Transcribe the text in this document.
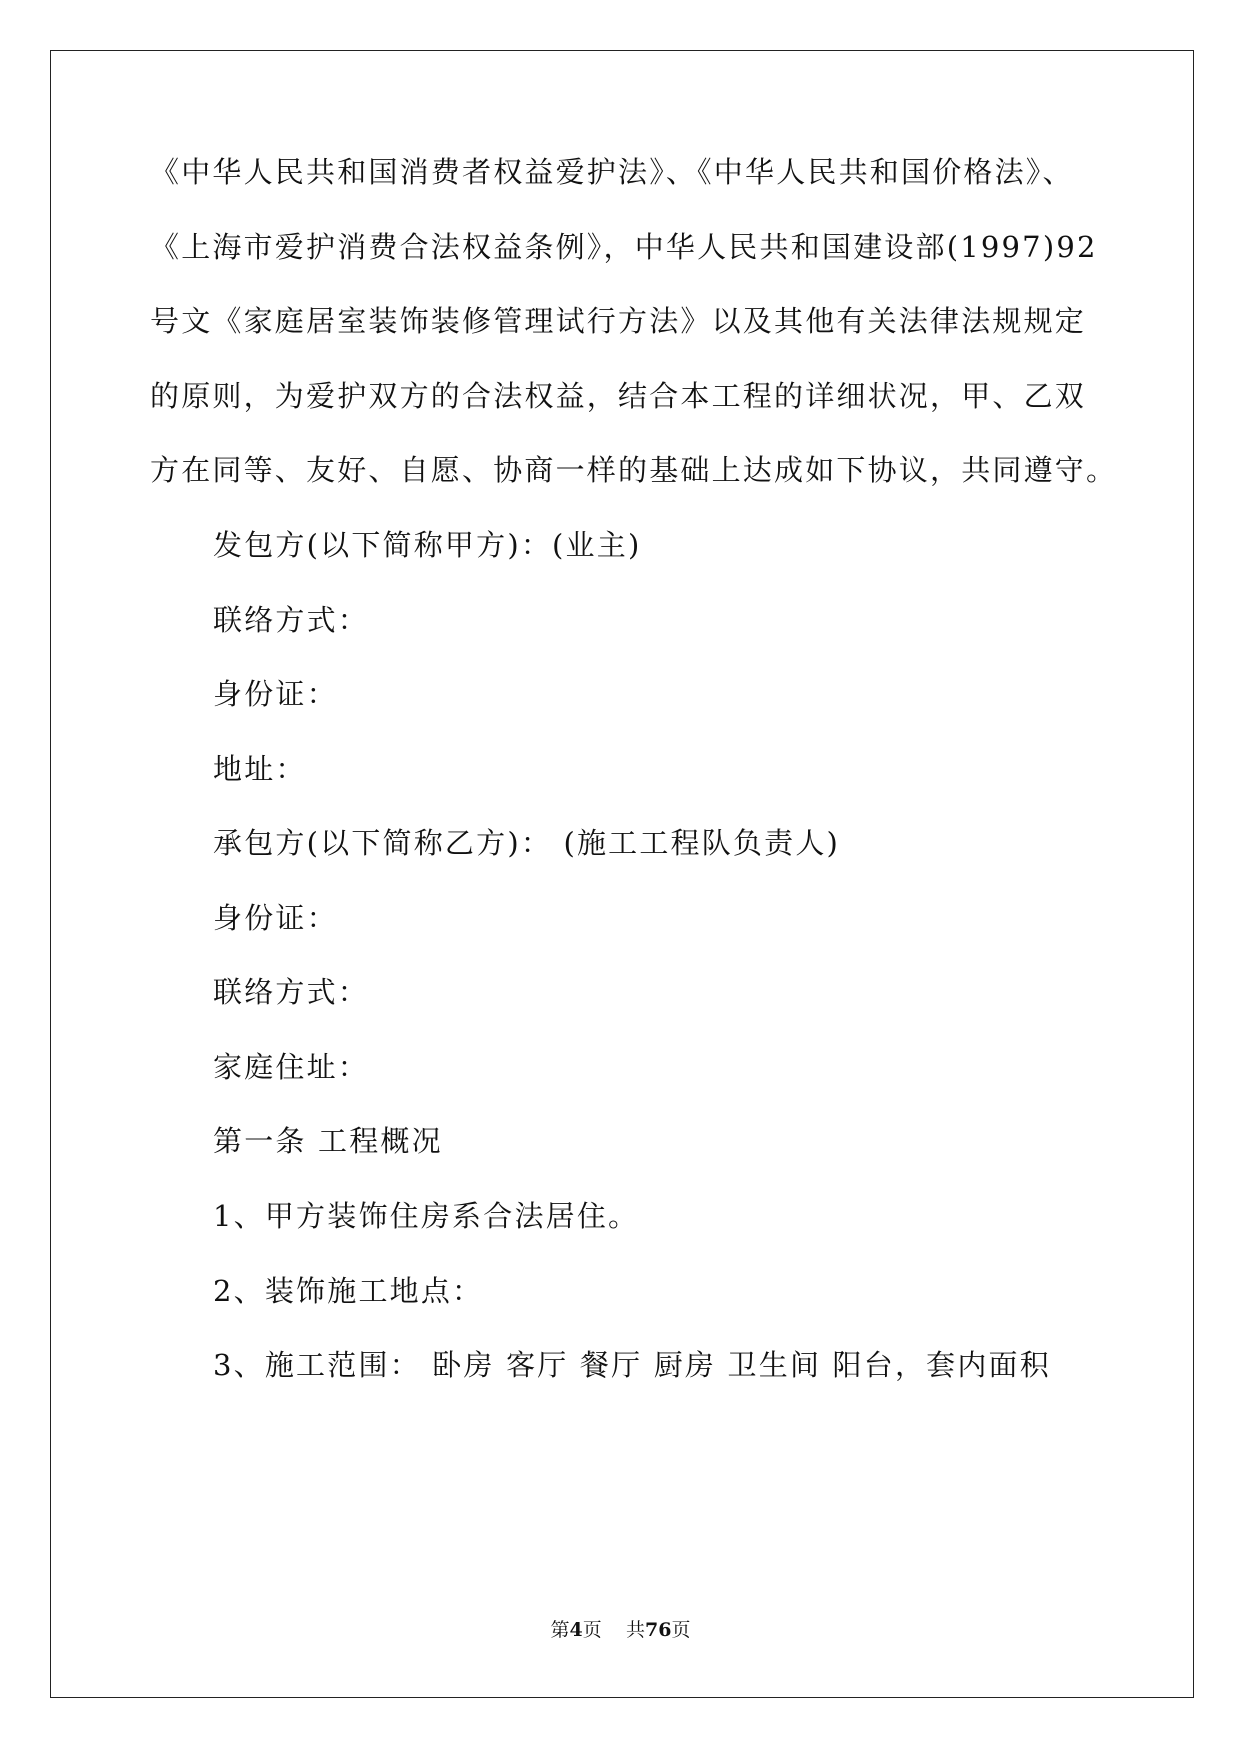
《中华人民共和国消费者权益爱护法》、《中华人民共和国价格法》、
《上海市爱护消费合法权益条例》，中华人民共和国建设部(1997)92
号文《家庭居室装饰装修管理试行方法》以及其他有关法律法规规定
的原则，为爱护双方的合法权益，结合本工程的详细状况，甲、乙双
方在同等、友好、自愿、协商一样的基础上达成如下协议，共同遵守。
发包方(以下简称甲方)：(业主)
联络方式：
身份证：
地址：
承包方(以下简称乙方)： (施工工程队负责人)
身份证：
联络方式：
家庭住址：
第一条 工程概况
1、甲方装饰住房系合法居住。
2、装饰施工地点：
3、施工范围： 卧房 客厅 餐厅 厨房 卫生间 阳台，套内面积
第4页 共76页
